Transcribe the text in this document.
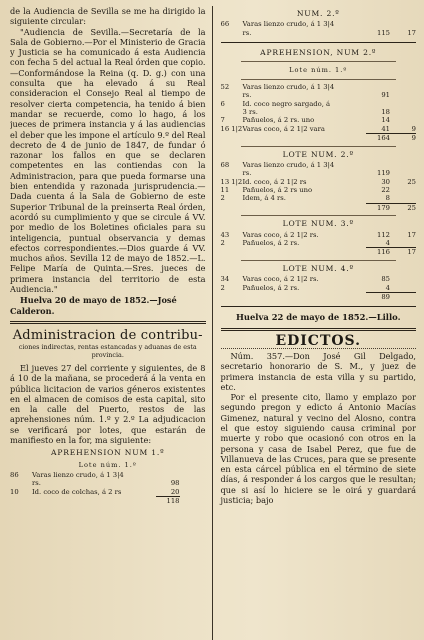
de la Audiencia de Sevilla se me ha dirigido la siguiente circular:

"Audiencia de Sevilla.—Secretaría de la Sala de Gobierno.—Por el Ministerio de Gracia y Justicia se ha comunicado á esta Audiencia con fecha 5 del actual la Real órden que copio.—Conformándose la Reina (q. D. g.) con una consulta que ha elevado á su Real consideracion el Consejo Real al tiempo de resolver cierta competencia, ha tenido á bien mandar se recuerde, como lo hago, á los jueces de primera instancia y á las audiencias el deber que les impone el artículo 9.º del Real decreto de 4 de junio de 1847, de fundar ó razonar los fallos en que se declaren competentes en las contiendas con la Administracion, para que pueda formarse una bien entendida y razonada jurisprudencia.—Dada cuenta á la Sala de Gobierno de este Superior Tribunal de la preinserta Real órden, acordó su cumplimiento y que se circule á VV. por medio de los Boletines oficiales para su inteligencia, puntual observancia y demas efectos correspondientes.—Dios guarde á VV. muchos años. Sevilla 12 de mayo de 1852.—L. Felipe María de Quinta.—Sres. jueces de primera instancia del territorio de esta Audiencia."

Huelva 20 de mayo de 1852.—José Calderon.

Administracion de contribu-
ciones indirectas, rentas estancadas y aduanas de esta provincia.

El jueves 27 del corriente y siguientes, de 8 á 10 de la mañana, se procederá á la venta en pública licitacion de varios géneros existentes en el almacen de comisos de esta capital, sito en la calle del Puerto, restos de las aprehensiones núm. 1.º y 2.º La adjudicacion se verificará por lotes, que estarán de manifiesto en la for, ma siguiente:

APREHENSION NUM 1.º
Lote núm. 1.º
86	Varas lienzo crudo, á 1 3|4		
	rs.	98	
10	Id. coco de colchas, á 2 rs	20	
		118	
NUM. 2.º
66	Varas lienzo crudo, á 1 3|4		
	rs.	115	17
APREHENSION, NUM 2.º
Lote núm. 1.º
52	Varas lienzo crudo, á 1 3|4		
	rs.	91	
6	Id. coco negro sargado, á		
	3 rs.	18	
7	Pañuelos, á 2 rs. uno	14	
16 1|2	Varas coco, á 2 1|2 vara	41	9
		164	9
LOTE NUM. 2.º
68	Varas lienzo crudo, á 1 3|4		
	rs.	119	
13 1|2	Id. coco, á 2 1|2 rs	30	25
11	Pañuelos, á 2 rs uno	22	
2	Idem, á 4 rs.	8	
		179	25
LOTE NUM. 3.º
43	Varas coco, á 2 1|2 rs.	112	17
2	Pañuelos, á 2 rs.	4	
		116	17
LOTE NUM. 4.º
34	Varas coco, á 2 1|2 rs.	85	
2	Pañuelos, á 2 rs.	4	
		89	
Huelva 22 de mayo de 1852.—Lillo.
EDICTOS.

Núm. 357.—Don José Gil Delgado, secretario honorario de S. M., y juez de primera instancia de esta villa y su partido, etc.

Por el presente cito, llamo y emplazo por segundo pregon y edicto á Antonio Macías Gimenez, natural y vecino del Alosno, contra el que estoy siguiendo causa criminal por muerte y robo que ocasionó con otros en la persona y casa de Isabel Perez, que fue de Villanueva de las Cruces, para que se presente en esta cárcel pública en el término de siete días, á responder á los cargos que le resultan; que si así lo hiciere se le oirá y guardará justicia; bajo
